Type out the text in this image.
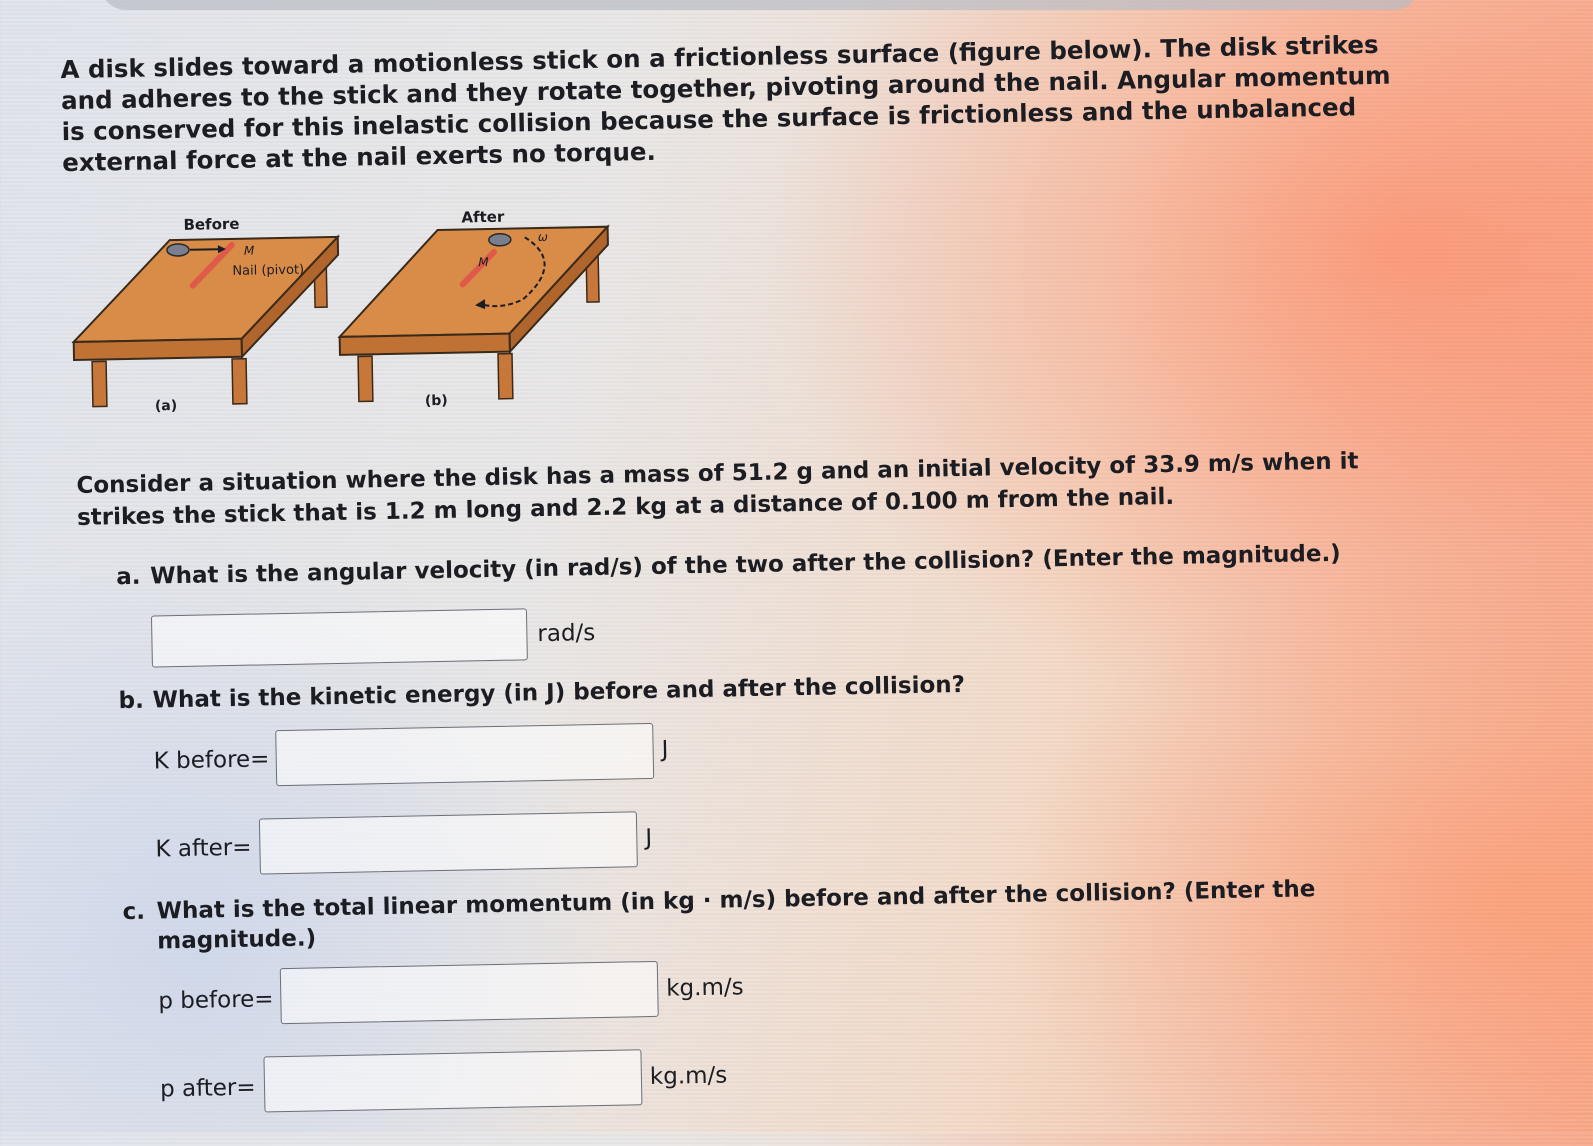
A disk slides toward a motionless stick on a frictionless surface (figure below). The disk strikes and adheres to the stick and they rotate together, pivoting around the nail. Angular momentum is conserved for this inelastic collision because the surface is frictionless and the unbalanced external force at the nail exerts no torque.
Before
M
Nail (pivot)
(a)
After
ω
M
(b)
Consider a situation where the disk has a mass of 51.2 g and an initial velocity of 33.9 m/s when it strikes the stick that is 1.2 m long and 2.2 kg at a distance of 0.100 m from the nail.
a. What is the angular velocity (in rad/s) of the two after the collision? (Enter the magnitude.)
rad/s
b. What is the kinetic energy (in J) before and after the collision?
K before=	J
K after=	J
c. What is the total linear momentum (in kg · m/s) before and after the collision? (Enter the
magnitude.)
p before=	kg.m/s
p after=	kg.m/s
